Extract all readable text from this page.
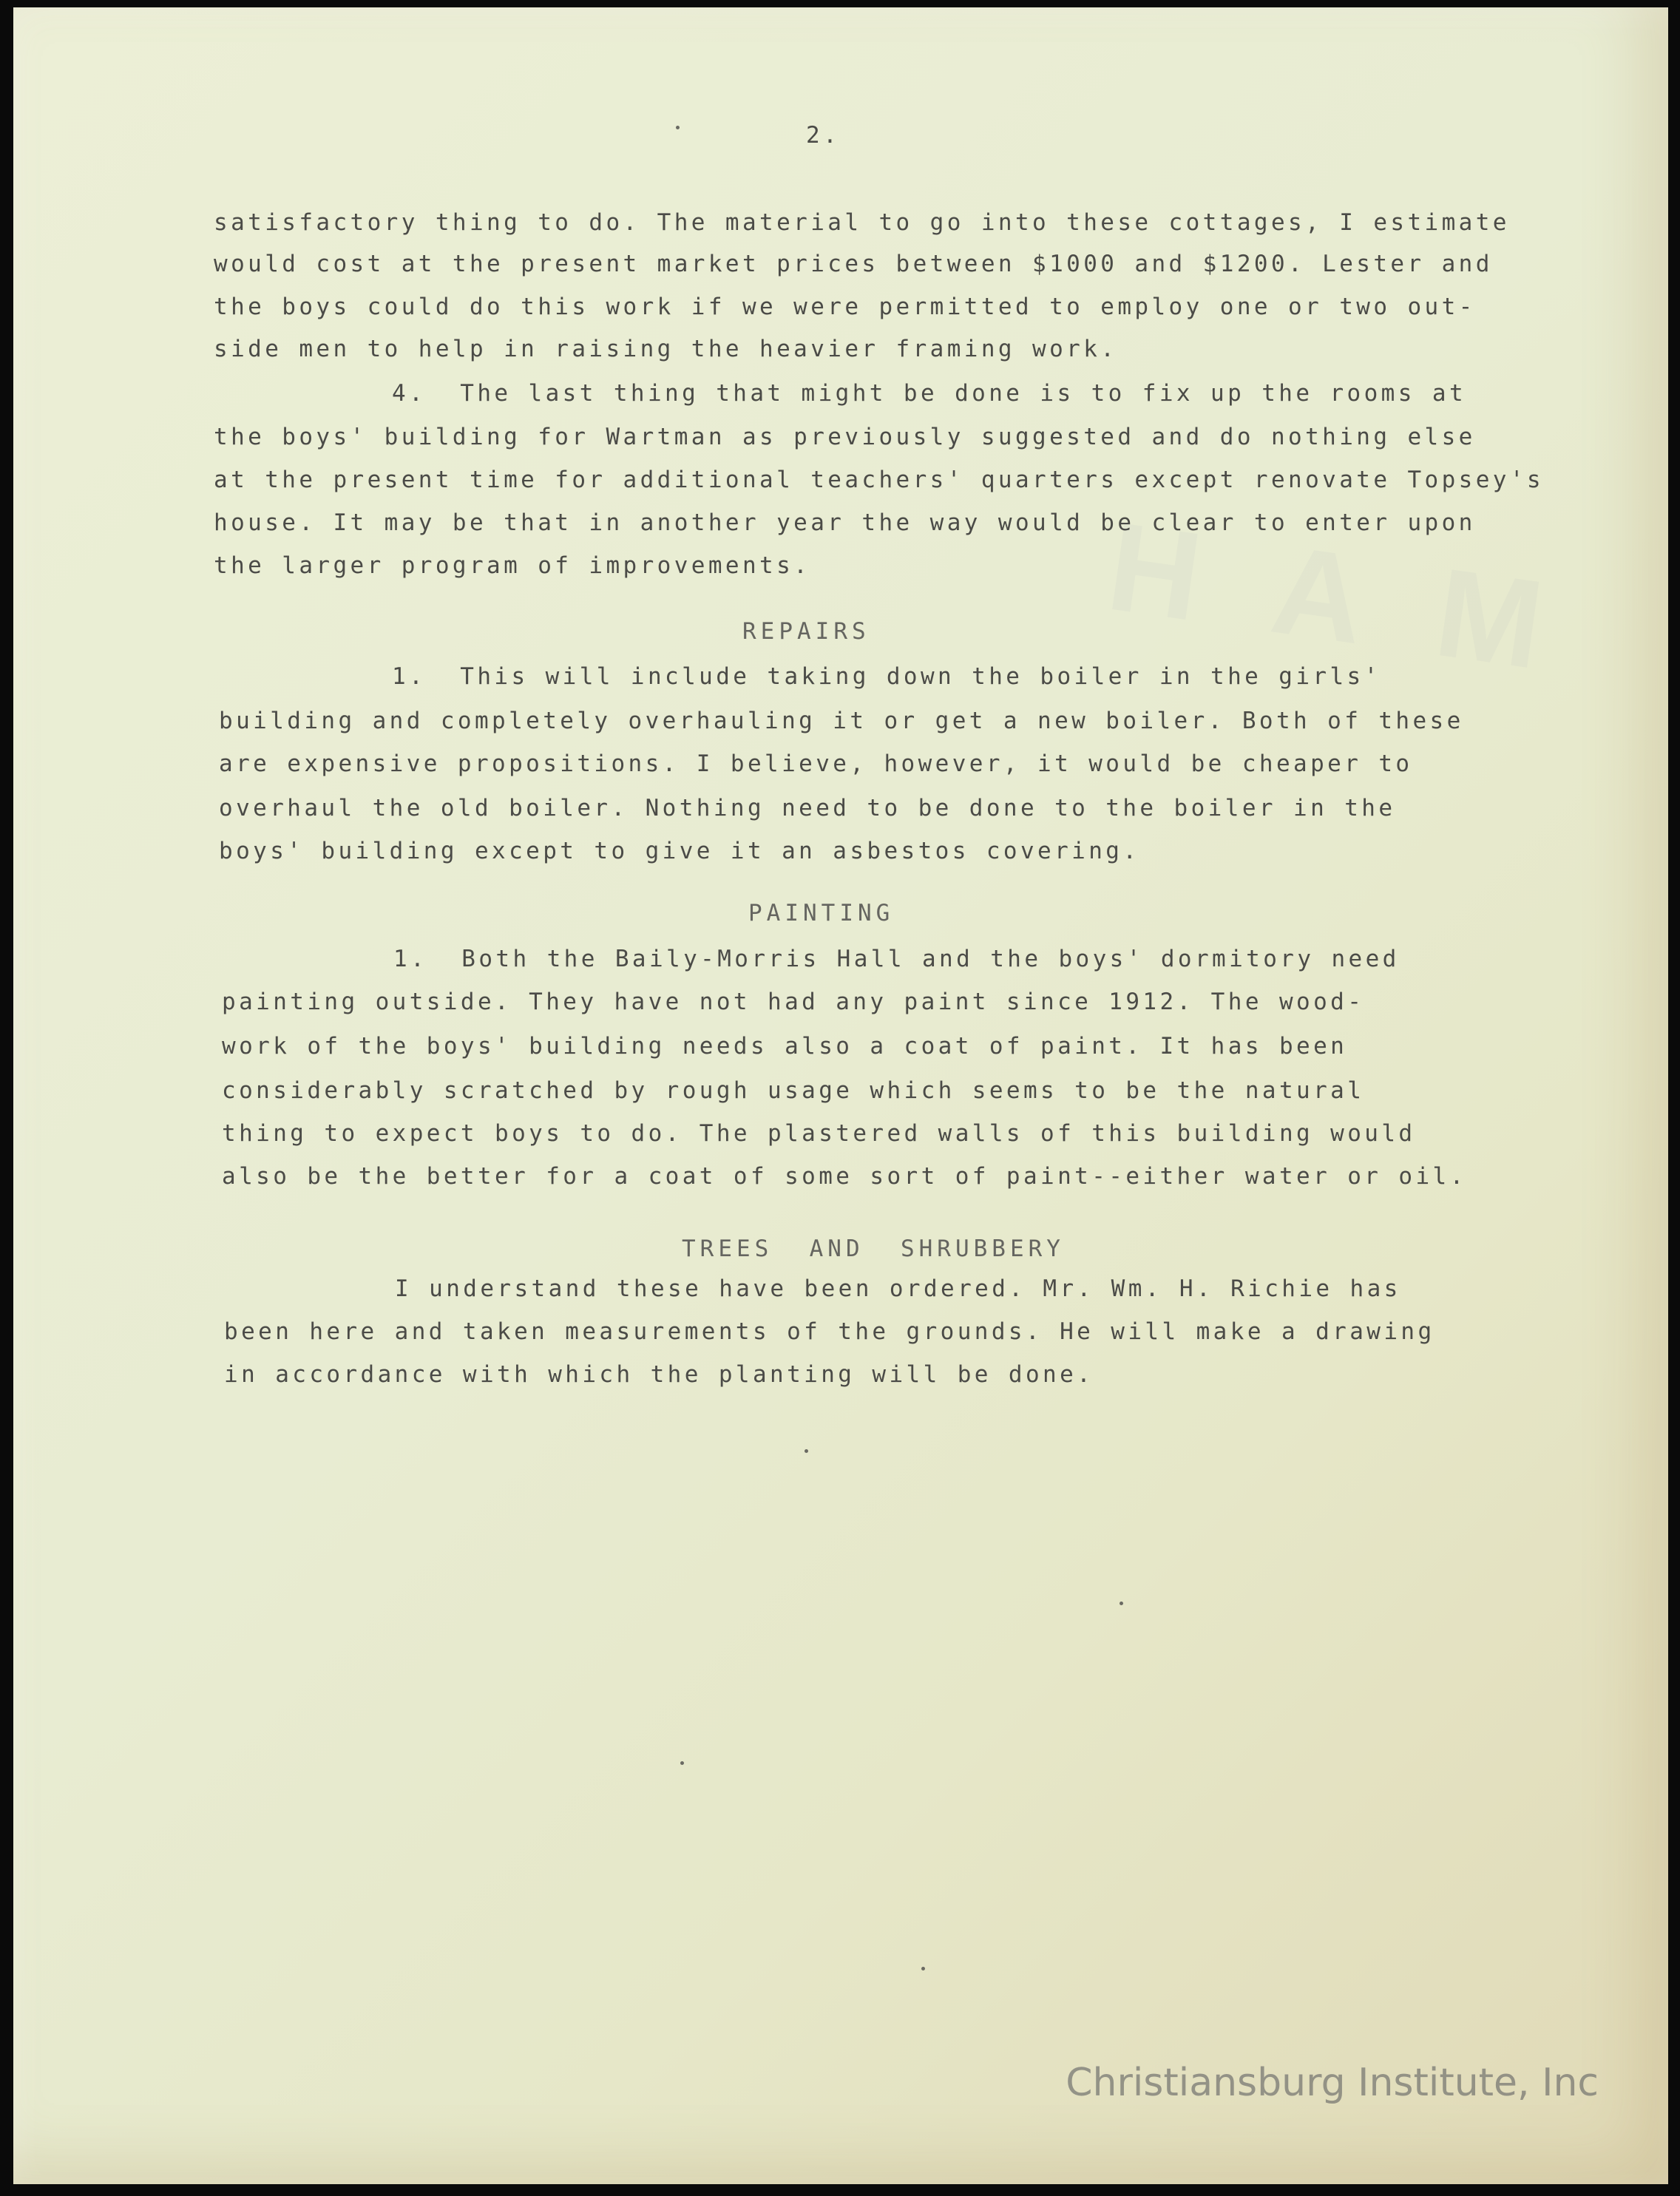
H A M
2.
satisfactory thing to do. The material to go into these cottages, I estimate
would cost at the present market prices between $1000 and $1200. Lester and
the boys could do this work if we were permitted to employ one or two out-
side men to help in raising the heavier framing work.
4.  The last thing that might be done is to fix up the rooms at
the boys' building for Wartman as previously suggested and do nothing else
at the present time for additional teachers' quarters except renovate Topsey's
house. It may be that in another year the way would be clear to enter upon
the larger program of improvements.
REPAIRS
1.  This will include taking down the boiler in the girls'
building and completely overhauling it or get a new boiler. Both of these
are expensive propositions. I believe, however, it would be cheaper to
overhaul the old boiler. Nothing need to be done to the boiler in the
boys' building except to give it an asbestos covering.
PAINTING
1.  Both the Baily-Morris Hall and the boys' dormitory need
painting outside. They have not had any paint since 1912. The wood-
work of the boys' building needs also a coat of paint. It has been
considerably scratched by rough usage which seems to be the natural
thing to expect boys to do. The plastered walls of this building would
also be the better for a coat of some sort of paint--either water or oil.
TREES  AND  SHRUBBERY
I understand these have been ordered. Mr. Wm. H. Richie has
been here and taken measurements of the grounds. He will make a drawing
in accordance with which the planting will be done.
Christiansburg Institute, Inc
